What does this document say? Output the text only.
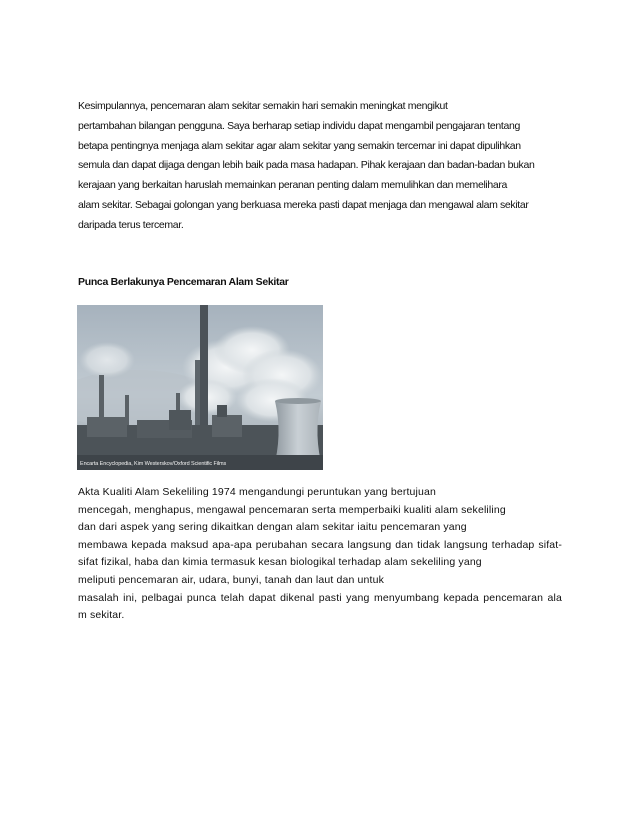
Kesimpulannya, pencemaran alam sekitar semakin hari semakin meningkat mengikut
pertambahan bilangan pengguna. Saya berharap setiap individu dapat mengambil pengajaran tentang
betapa pentingnya menjaga alam sekitar agar alam sekitar yang semakin tercemar ini dapat dipulihkan
semula dan dapat dijaga dengan lebih baik pada masa hadapan. Pihak kerajaan dan badan-badan bukan
kerajaan yang berkaitan haruslah memainkan peranan penting dalam memulihkan dan memelihara
alam sekitar. Sebagai golongan yang berkuasa mereka pasti dapat menjaga dan mengawal alam sekitar
daripada terus tercemar.
Punca Berlakunya Pencemaran Alam Sekitar
Encarta Encyclopedia, Kim Westerskov/Oxford Scientific Films
Akta Kualiti Alam Sekeliling 1974 mengandungi peruntukan yang bertujuan
mencegah, menghapus, mengawal pencemaran serta memperbaiki kualiti alam sekeliling
dan dari aspek yang sering dikaitkan dengan alam sekitar iaitu pencemaran yang
membawa kepada maksud apa-apa perubahan secara langsung dan tidak langsung terhadap sifat-
sifat fizikal, haba dan kimia termasuk kesan biologikal terhadap alam sekeliling yang
meliputi pencemaran air, udara, bunyi, tanah dan laut dan untuk
masalah ini, pelbagai punca telah dapat dikenal pasti yang menyumbang kepada pencemaran ala
m sekitar.
